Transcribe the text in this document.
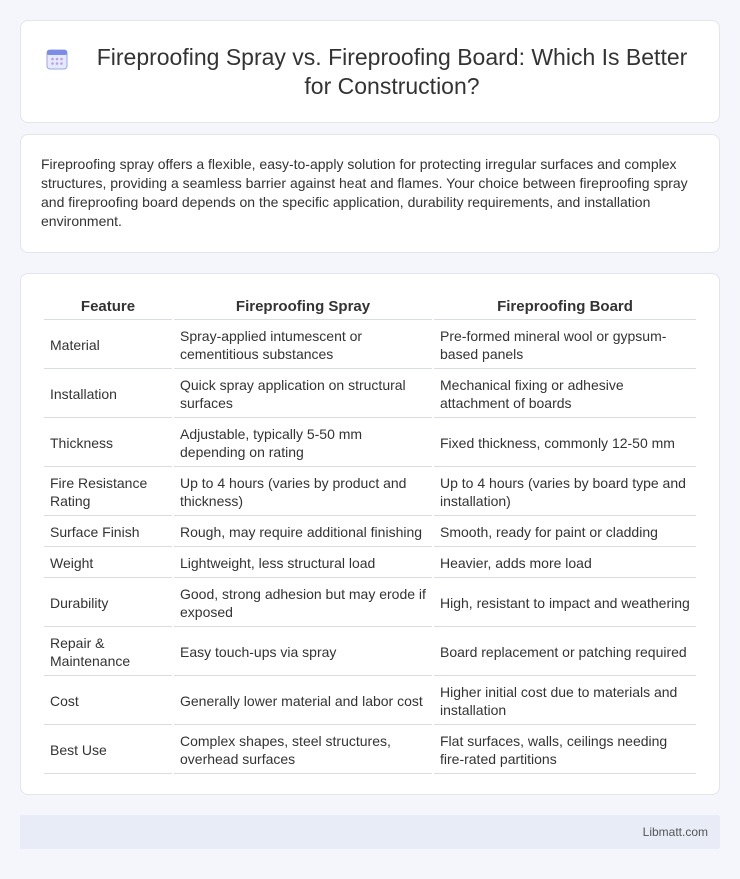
Fireproofing Spray vs. Fireproofing Board: Which Is Better for Construction?

Fireproofing spray offers a flexible, easy-to-apply solution for protecting irregular surfaces and complex structures, providing a seamless barrier against heat and flames. Your choice between fireproofing spray and fireproofing board depends on the specific application, durability requirements, and installation environment.

Feature	Fireproofing Spray	Fireproofing Board
Material	Spray-applied intumescent or cementitious substances	Pre-formed mineral wool or gypsum-based panels
Installation	Quick spray application on structural surfaces	Mechanical fixing or adhesive attachment of boards
Thickness	Adjustable, typically 5-50 mm depending on rating	Fixed thickness, commonly 12-50 mm
Fire Resistance Rating	Up to 4 hours (varies by product and thickness)	Up to 4 hours (varies by board type and installation)
Surface Finish	Rough, may require additional finishing	Smooth, ready for paint or cladding
Weight	Lightweight, less structural load	Heavier, adds more load
Durability	Good, strong adhesion but may erode if exposed	High, resistant to impact and weathering
Repair & Maintenance	Easy touch-ups via spray	Board replacement or patching required
Cost	Generally lower material and labor cost	Higher initial cost due to materials and installation
Best Use	Complex shapes, steel structures, overhead surfaces	Flat surfaces, walls, ceilings needing fire-rated partitions
Libmatt.com
